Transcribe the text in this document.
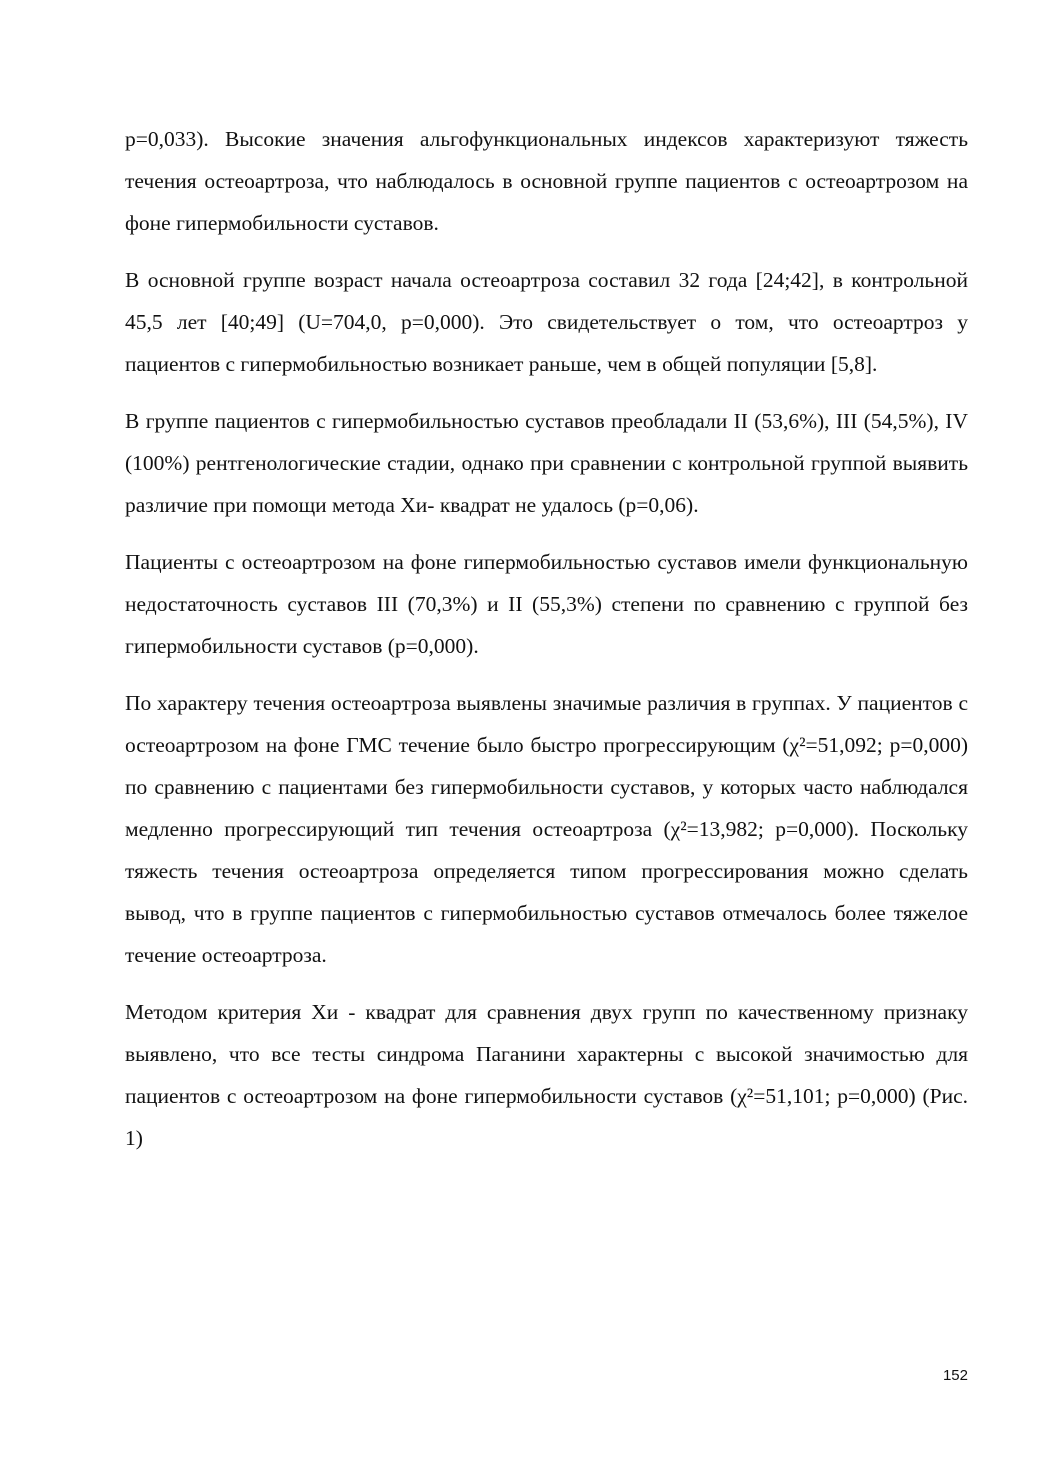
p=0,033). Высокие значения альгофункциональных индексов характеризуют тяжесть течения остеоартроза, что наблюдалось в основной группе пациентов с остеоартрозом на фоне гипермобильности суставов.

В основной группе возраст начала остеоартроза составил 32 года [24;42], в контрольной 45,5 лет [40;49] (U=704,0, p=0,000). Это свидетельствует о том, что остеоартроз у пациентов с гипермобильностью возникает раньше, чем в общей популяции [5,8].

В группе пациентов с гипермобильностью суставов преобладали II (53,6%), III (54,5%), IV (100%) рентгенологические стадии, однако при сравнении с контрольной группой выявить различие при помощи метода Хи- квадрат не удалось (p=0,06).

Пациенты с остеоартрозом на фоне гипермобильностью суставов имели функциональную недостаточность суставов III (70,3%) и II (55,3%) степени по сравнению с группой без гипермобильности суставов (p=0,000).

По характеру течения остеоартроза выявлены значимые различия в группах. У пациентов с остеоартрозом на фоне ГМС течение было быстро прогрессирующим (χ²=51,092; p=0,000) по сравнению с пациентами без гипермобильности суставов, у которых часто наблюдался медленно прогрессирующий тип течения остеоартроза (χ²=13,982; p=0,000). Поскольку тяжесть течения остеоартроза определяется типом прогрессирования можно сделать вывод, что в группе пациентов с гипермобильностью суставов отмечалось более тяжелое течение остеоартроза.

Методом критерия Хи - квадрат для сравнения двух групп по качественному признаку выявлено, что все тесты синдрома Паганини характерны с высокой значимостью для пациентов с остеоартрозом на фоне гипермобильности суставов (χ²=51,101; p=0,000) (Рис. 1)

152
